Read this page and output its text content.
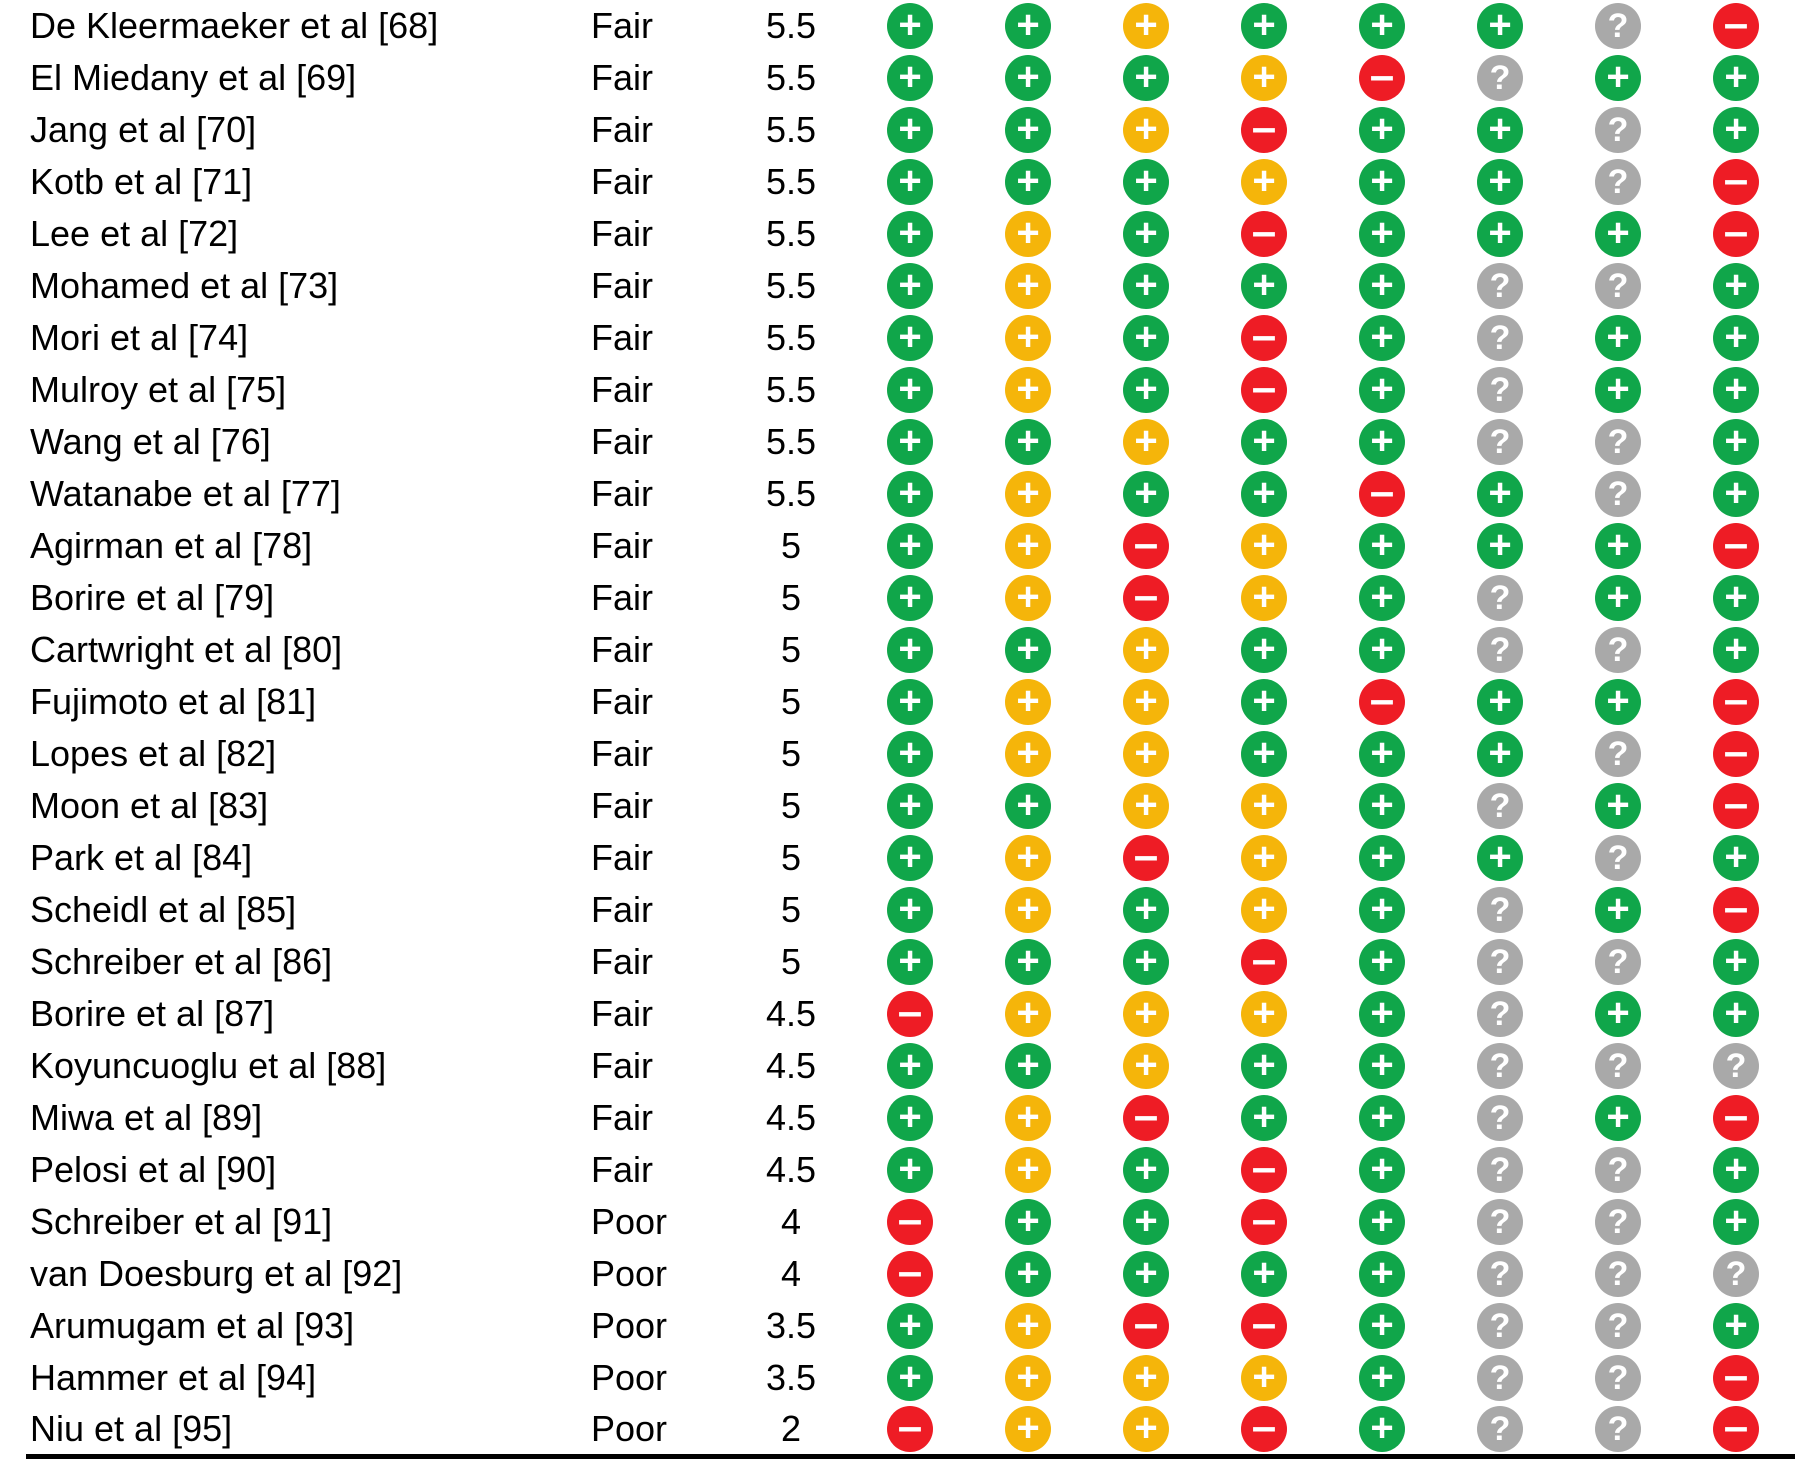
De Kleermaeker et al [68]	Fair	5.5	+	+	+	+	+	+	?	–

El Miedany et al [69]	Fair	5.5	+	+	+	+	–	?	+	+

Jang et al [70]	Fair	5.5	+	+	+	–	+	+	?	+

Kotb et al [71]	Fair	5.5	+	+	+	+	+	+	?	–

Lee et al [72]	Fair	5.5	+	+	+	–	+	+	+	–

Mohamed et al [73]	Fair	5.5	+	+	+	+	+	?	?	+

Mori et al [74]	Fair	5.5	+	+	+	–	+	?	+	+

Mulroy et al [75]	Fair	5.5	+	+	+	–	+	?	+	+

Wang et al [76]	Fair	5.5	+	+	+	+	+	?	?	+

Watanabe et al [77]	Fair	5.5	+	+	+	+	–	+	?	+

Agirman et al [78]	Fair	5	+	+	–	+	+	+	+	–

Borire et al [79]	Fair	5	+	+	–	+	+	?	+	+

Cartwright et al [80]	Fair	5	+	+	+	+	+	?	?	+

Fujimoto et al [81]	Fair	5	+	+	+	+	–	+	+	–

Lopes et al [82]	Fair	5	+	+	+	+	+	+	?	–

Moon et al [83]	Fair	5	+	+	+	+	+	?	+	–

Park et al [84]	Fair	5	+	+	–	+	+	+	?	+

Scheidl et al [85]	Fair	5	+	+	+	+	+	?	+	–

Schreiber et al [86]	Fair	5	+	+	+	–	+	?	?	+

Borire et al [87]	Fair	4.5	–	+	+	+	+	?	+	+

Koyuncuoglu et al [88]	Fair	4.5	+	+	+	+	+	?	?	?

Miwa et al [89]	Fair	4.5	+	+	–	+	+	?	+	–

Pelosi et al [90]	Fair	4.5	+	+	+	–	+	?	?	+

Schreiber et al [91]	Poor	4	–	+	+	–	+	?	?	+

van Doesburg et al [92]	Poor	4	–	+	+	+	+	?	?	?

Arumugam et al [93]	Poor	3.5	+	+	–	–	+	?	?	+

Hammer et al [94]	Poor	3.5	+	+	+	+	+	?	?	–

Niu et al [95]	Poor	2	–	+	+	–	+	?	?	–
